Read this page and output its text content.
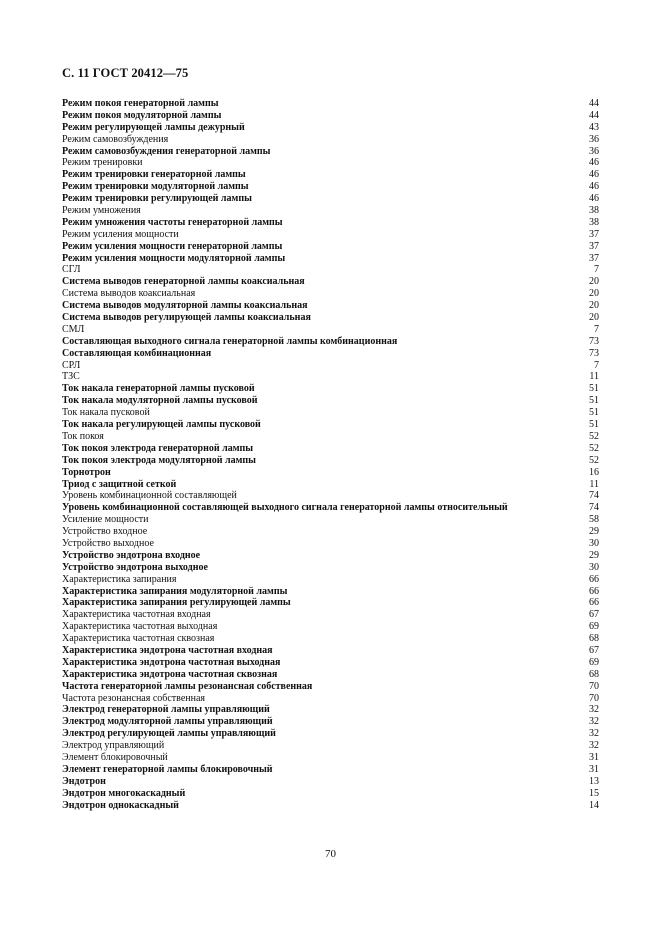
С. 11 ГОСТ 20412—75
Режим покоя генераторной лампы	44
Режим покоя модуляторной лампы	44
Режим регулирующей лампы дежурный	43
Режим самовозбуждения	36
Режим самовозбуждения генераторной лампы	36
Режим тренировки	46
Режим тренировки генераторной лампы	46
Режим тренировки модуляторной лампы	46
Режим тренировки регулирующей лампы	46
Режим умножения	38
Режим умножения частоты генераторной лампы	38
Режим усиления мощности	37
Режим усиления мощности генераторной лампы	37
Режим усиления мощности модуляторной лампы	37
СГЛ	7
Система выводов генераторной лампы коаксиальная	20
Система выводов коаксиальная	20
Система выводов модуляторной лампы коаксиальная	20
Система выводов регулирующей лампы коаксиальная	20
СМЛ	7
Составляющая выходного сигнала генераторной лампы комбинационная	73
Составляющая комбинационная	73
СРЛ	7
ТЗС	11
Ток накала генераторной лампы пусковой	51
Ток накала модуляторной лампы пусковой	51
Ток накала пусковой	51
Ток накала регулирующей лампы пусковой	51
Ток покоя	52
Ток покоя электрода генераторной лампы	52
Ток покоя электрода модуляторной лампы	52
Торнотрон	16
Триод с защитной сеткой	11
Уровень комбинационной составляющей	74
Уровень комбинационной составляющей выходного сигнала генераторной лампы относительный	74
Усиление мощности	58
Устройство входное	29
Устройство выходное	30
Устройство эндотрона входное	29
Устройство эндотрона выходное	30
Характеристика запирания	66
Характеристика запирания модуляторной лампы	66
Характеристика запирания регулирующей лампы	66
Характеристика частотная входная	67
Характеристика частотная выходная	69
Характеристика частотная сквозная	68
Характеристика эндотрона частотная входная	67
Характеристика эндотрона частотная выходная	69
Характеристика эндотрона частотная сквозная	68
Частота генераторной лампы резонансная собственная	70
Частота резонансная собственная	70
Электрод генераторной лампы управляющий	32
Электрод модуляторной лампы управляющий	32
Электрод регулирующей лампы управляющий	32
Электрод управляющий	32
Элемент блокировочный	31
Элемент генераторной лампы блокировочный	31
Эндотрон	13
Эндотрон многокаскадный	15
Эндотрон однокаскадный	14
70
